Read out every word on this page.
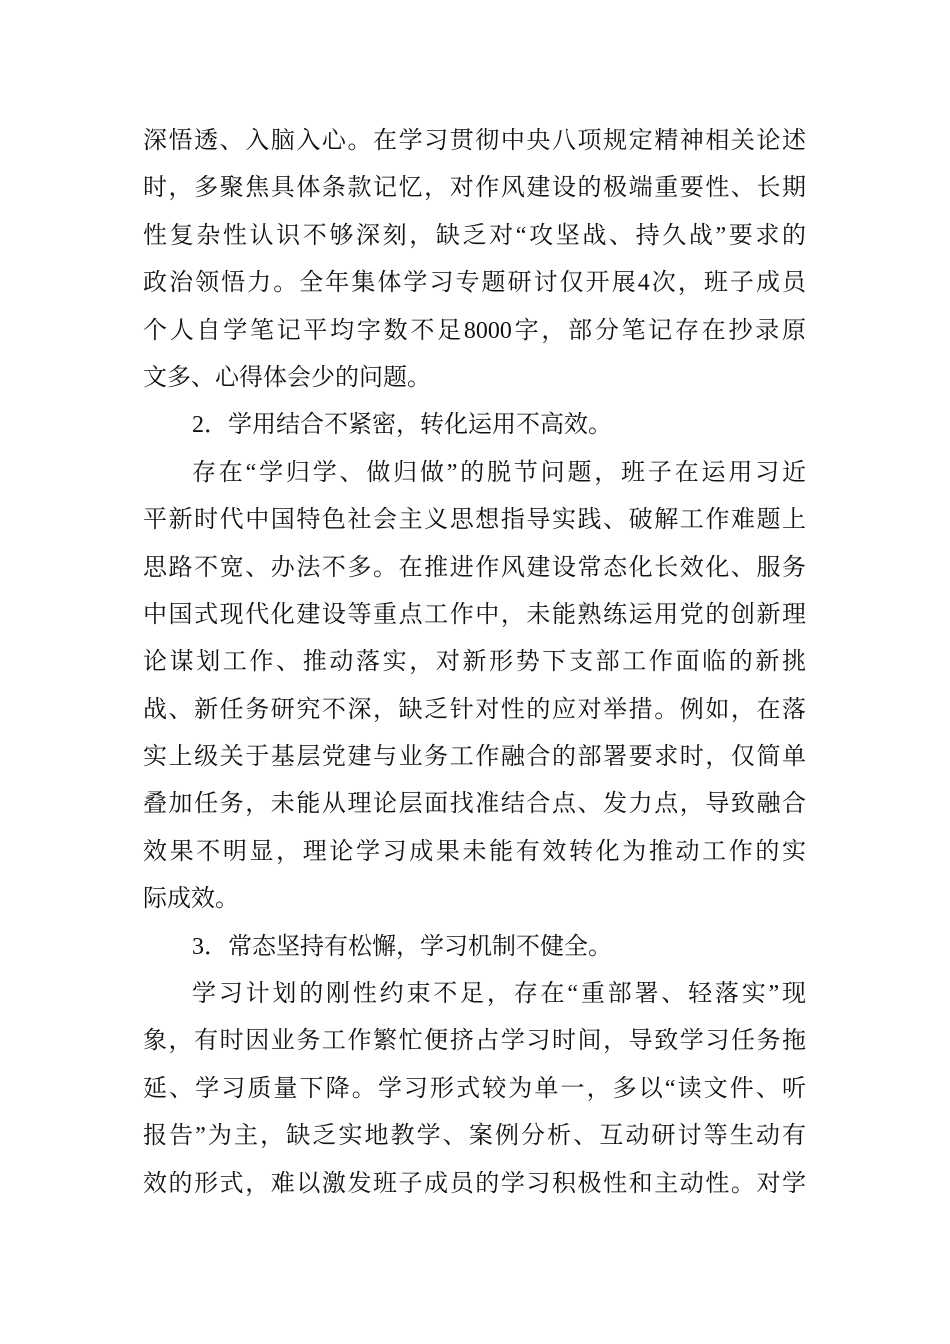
深悟透、入脑入心。在学习贯彻中央八项规定精神相关论述
时，多聚焦具体条款记忆，对作风建设的极端重要性、长期
性复杂性认识不够深刻，缺乏对“攻坚战、持久战”要求的
政治领悟力。全年集体学习专题研讨仅开展4次，班子成员
个人自学笔记平均字数不足8000字，部分笔记存在抄录原
文多、心得体会少的问题。
2．学用结合不紧密，转化运用不高效。
存在“学归学、做归做”的脱节问题，班子在运用习近
平新时代中国特色社会主义思想指导实践、破解工作难题上
思路不宽、办法不多。在推进作风建设常态化长效化、服务
中国式现代化建设等重点工作中，未能熟练运用党的创新理
论谋划工作、推动落实，对新形势下支部工作面临的新挑
战、新任务研究不深，缺乏针对性的应对举措。例如，在落
实上级关于基层党建与业务工作融合的部署要求时，仅简单
叠加任务，未能从理论层面找准结合点、发力点，导致融合
效果不明显，理论学习成果未能有效转化为推动工作的实
际成效。
3．常态坚持有松懈，学习机制不健全。
学习计划的刚性约束不足，存在“重部署、轻落实”现
象，有时因业务工作繁忙便挤占学习时间，导致学习任务拖
延、学习质量下降。学习形式较为单一，多以“读文件、听
报告”为主，缺乏实地教学、案例分析、互动研讨等生动有
效的形式，难以激发班子成员的学习积极性和主动性。对学
